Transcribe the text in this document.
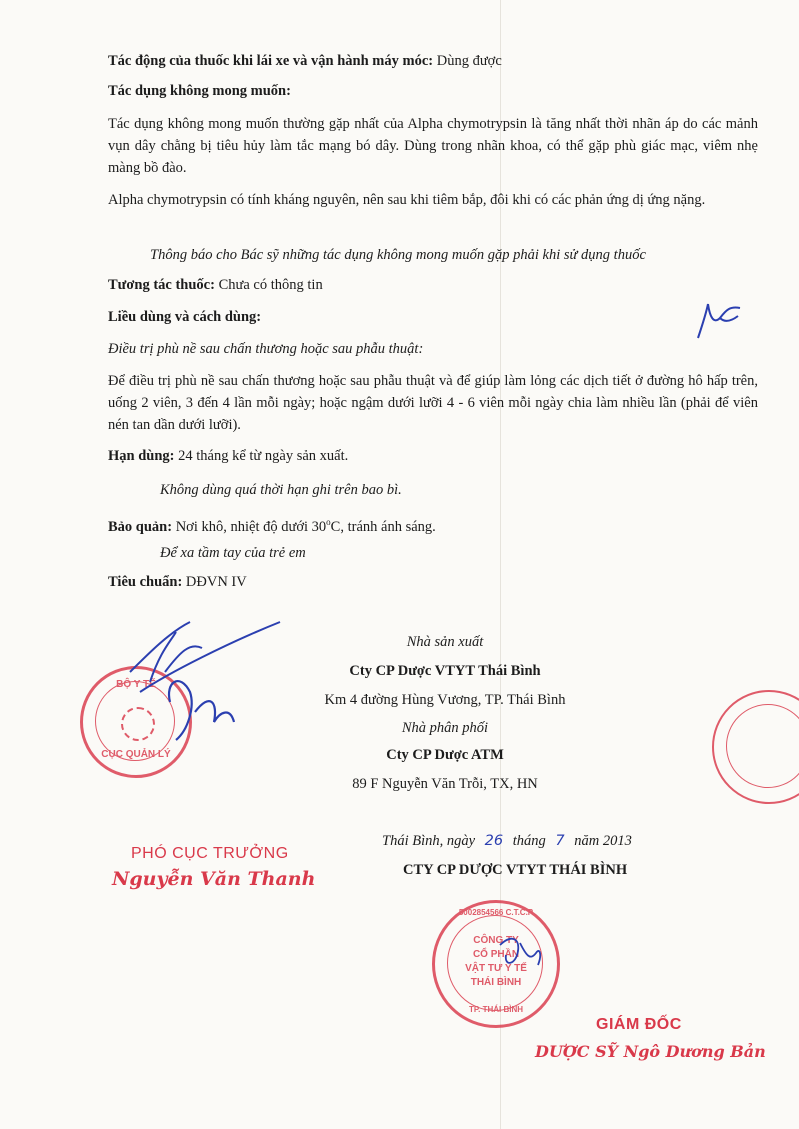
Tác động của thuốc khi lái xe và vận hành máy móc: Dùng được
Tác dụng không mong muốn:
Tác dụng không mong muốn thường gặp nhất của Alpha chymotrypsin là tăng nhất thời nhãn áp do các mảnh vụn dây chằng bị tiêu hủy làm tắc mạng bó dây. Dùng trong nhãn khoa, có thể gặp phù giác mạc, viêm nhẹ màng bồ đào.
Alpha chymotrypsin có tính kháng nguyên, nên sau khi tiêm bắp, đôi khi có các phản ứng dị ứng nặng.
Thông báo cho Bác sỹ những tác dụng không mong muốn gặp phải khi sử dụng thuốc
Tương tác thuốc: Chưa có thông tin
Liều dùng và cách dùng:
Điều trị phù nề sau chấn thương hoặc sau phẫu thuật:
Để điều trị phù nề sau chấn thương hoặc sau phẫu thuật và để giúp làm lỏng các dịch tiết ở đường hô hấp trên, uống 2 viên, 3 đến 4 lần mỗi ngày; hoặc ngậm dưới lưỡi 4 - 6 viên mỗi ngày chia làm nhiều lần (phải để viên nén tan dần dưới lưỡi).
Hạn dùng: 24 tháng kể từ ngày sản xuất.
Không dùng quá thời hạn ghi trên bao bì.
Bảo quản: Nơi khô, nhiệt độ dưới 30$^o$C, tránh ánh sáng.
Để xa tầm tay của trẻ em
Tiêu chuẩn: DĐVN IV
Nhà sản xuất
Cty CP Dược VTYT Thái Bình
Km 4 đường Hùng Vương, TP. Thái Bình
Nhà phân phối
Cty CP Dược ATM
89 F Nguyễn Văn Trỗi, TX, HN
Thái Bình, ngày 26 tháng 7 năm 2013
CTY CP DƯỢC VTYT THÁI BÌNH
BỘ Y TẾ
CỤC QUẢN LÝ
PHÓ CỤC TRƯỞNG
Nguyễn Văn Thanh
5002854566 C.T.C.P
CÔNG TY
CỔ PHẦN
VẬT TƯ Y TẾ
THÁI BÌNH
TP. THÁI BÌNH
GIÁM ĐỐC
DƯỢC SỸ Ngô Dương Bản
